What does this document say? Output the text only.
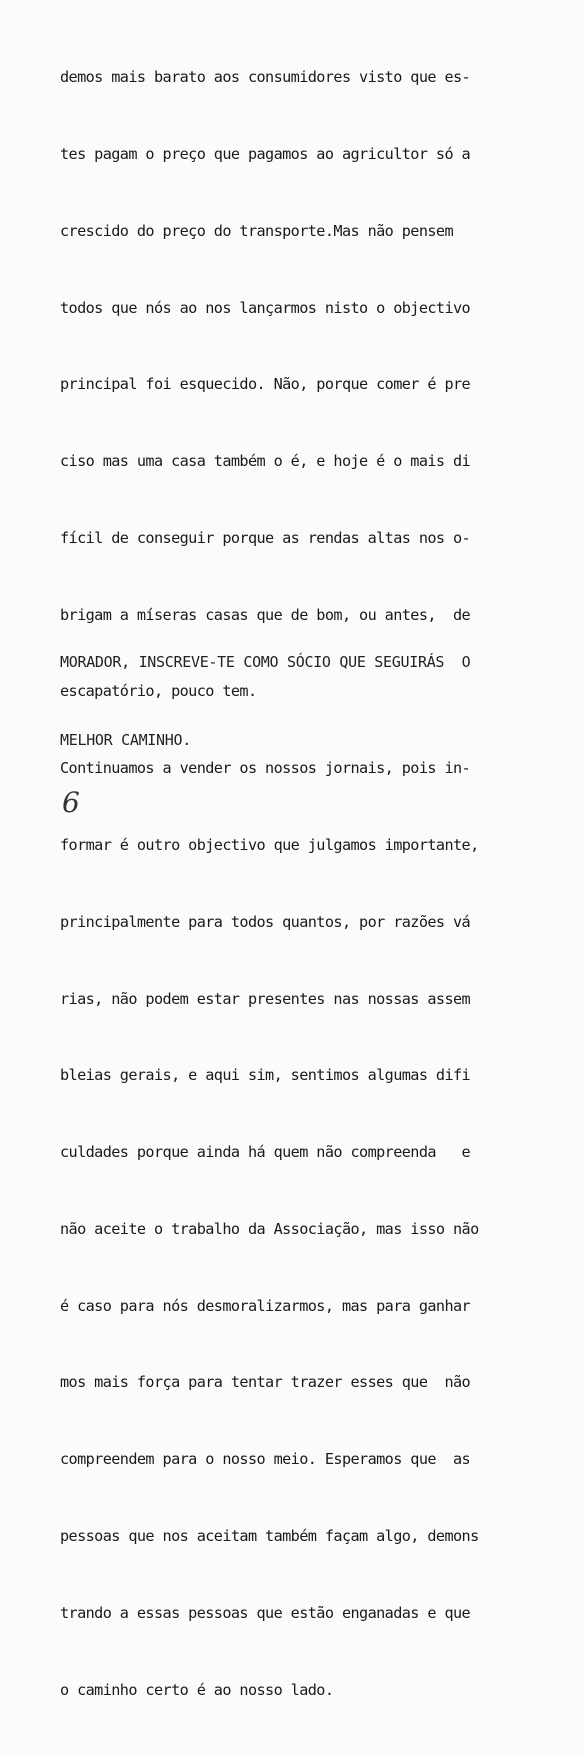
demos mais barato aos consumidores visto que es-

tes pagam o preço que pagamos ao agricultor só a

crescido do preço do transporte.Mas não pensem

todos que nós ao nos lançarmos nisto o objectivo

principal foi esquecido. Não, porque comer é pre

ciso mas uma casa também o é, e hoje é o mais di

fícil de conseguir porque as rendas altas nos o-

brigam a míseras casas que de bom, ou antes,  de

escapatório, pouco tem.

Continuamos a vender os nossos jornais, pois in-

formar é outro objectivo que julgamos importante,

principalmente para todos quantos, por razões vá

rias, não podem estar presentes nas nossas assem

bleias gerais, e aqui sim, sentimos algumas difi

culdades porque ainda há quem não compreenda   e

não aceite o trabalho da Associação, mas isso não

é caso para nós desmoralizarmos, mas para ganhar

mos mais força para tentar trazer esses que  não

compreendem para o nosso meio. Esperamos que  as

pessoas que nos aceitam também façam algo, demons

trando a essas pessoas que estão enganadas e que

o caminho certo é ao nosso lado.

MORADOR, INSCREVE-TE COMO SÓCIO QUE SEGUIRÁS  O

MELHOR CAMINHO.

6
